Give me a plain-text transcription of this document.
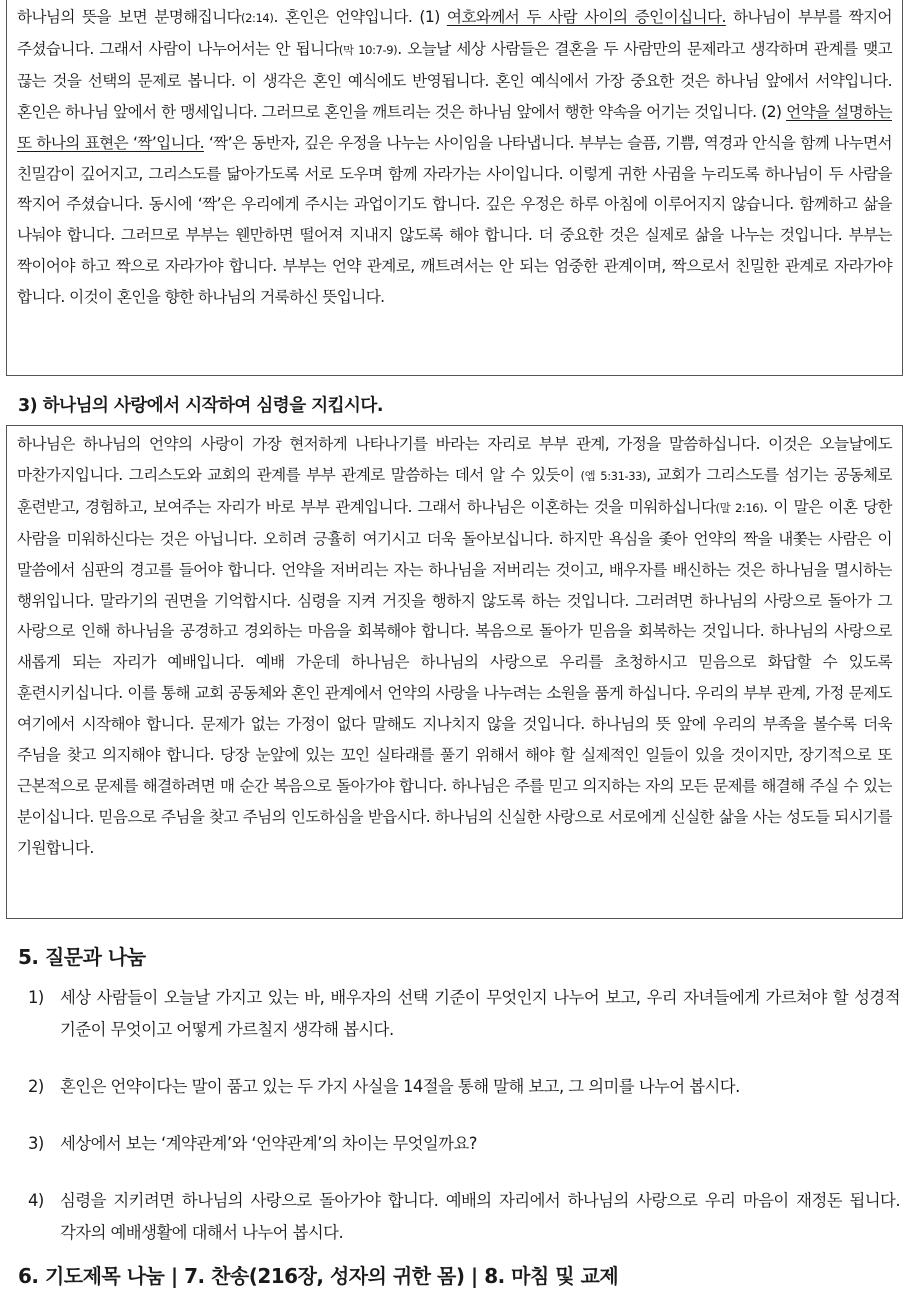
하나님의 뜻을 보면 분명해집니다(2:14). 혼인은 언약입니다. (1) 여호와께서 두 사람 사이의 증인이십니다. 하나님이 부부를 짝지어 주셨습니다. 그래서 사람이 나누어서는 안 됩니다(막 10:7-9). 오늘날 세상 사람들은 결혼을 두 사람만의 문제라고 생각하며 관계를 맺고 끊는 것을 선택의 문제로 봅니다. 이 생각은 혼인 예식에도 반영됩니다. 혼인 예식에서 가장 중요한 것은 하나님 앞에서 서약입니다. 혼인은 하나님 앞에서 한 맹세입니다. 그러므로 혼인을 깨트리는 것은 하나님 앞에서 행한 약속을 어기는 것입니다. (2) 언약을 설명하는 또 하나의 표현은 ‘짝’입니다. ‘짝’은 동반자, 깊은 우정을 나누는 사이임을 나타냅니다. 부부는 슬픔, 기쁨, 역경과 안식을 함께 나누면서 친밀감이 깊어지고, 그리스도를 닮아가도록 서로 도우며 함께 자라가는 사이입니다. 이렇게 귀한 사귐을 누리도록 하나님이 두 사람을 짝지어 주셨습니다. 동시에 ‘짝’은 우리에게 주시는 과업이기도 합니다. 깊은 우정은 하루 아침에 이루어지지 않습니다. 함께하고 삶을 나눠야 합니다. 그러므로 부부는 웬만하면 떨어져 지내지 않도록 해야 합니다. 더 중요한 것은 실제로 삶을 나누는 것입니다. 부부는 짝이어야 하고 짝으로 자라가야 합니다. 부부는 언약 관계로, 깨트려서는 안 되는 엄중한 관계이며, 짝으로서 친밀한 관계로 자라가야 합니다. 이것이 혼인을 향한 하나님의 거룩하신 뜻입니다.

3) 하나님의 사랑에서 시작하여 심령을 지킵시다.

하나님은 하나님의 언약의 사랑이 가장 현저하게 나타나기를 바라는 자리로 부부 관계, 가정을 말씀하십니다. 이것은 오늘날에도 마찬가지입니다. 그리스도와 교회의 관계를 부부 관계로 말씀하는 데서 알 수 있듯이 (엡 5:31-33), 교회가 그리스도를 섬기는 공동체로 훈련받고, 경험하고, 보여주는 자리가 바로 부부 관계입니다. 그래서 하나님은 이혼하는 것을 미워하십니다(말 2:16). 이 말은 이혼 당한 사람을 미워하신다는 것은 아닙니다. 오히려 긍휼히 여기시고 더욱 돌아보십니다. 하지만 욕심을 좇아 언약의 짝을 내쫓는 사람은 이 말씀에서 심판의 경고를 들어야 합니다. 언약을 저버리는 자는 하나님을 저버리는 것이고, 배우자를 배신하는 것은 하나님을 멸시하는 행위입니다. 말라기의 권면을 기억합시다. 심령을 지켜 거짓을 행하지 않도록 하는 것입니다. 그러려면 하나님의 사랑으로 돌아가 그 사랑으로 인해 하나님을 공경하고 경외하는 마음을 회복해야 합니다. 복음으로 돌아가 믿음을 회복하는 것입니다. 하나님의 사랑으로 새롭게 되는 자리가 예배입니다. 예배 가운데 하나님은 하나님의 사랑으로 우리를 초청하시고 믿음으로 화답할 수 있도록 훈련시키십니다. 이를 통해 교회 공동체와 혼인 관계에서 언약의 사랑을 나누려는 소원을 품게 하십니다. 우리의 부부 관계, 가정 문제도 여기에서 시작해야 합니다. 문제가 없는 가정이 없다 말해도 지나치지 않을 것입니다. 하나님의 뜻 앞에 우리의 부족을 볼수록 더욱 주님을 찾고 의지해야 합니다. 당장 눈앞에 있는 꼬인 실타래를 풀기 위해서 해야 할 실제적인 일들이 있을 것이지만, 장기적으로 또 근본적으로 문제를 해결하려면 매 순간 복음으로 돌아가야 합니다. 하나님은 주를 믿고 의지하는 자의 모든 문제를 해결해 주실 수 있는 분이십니다. 믿음으로 주님을 찾고 주님의 인도하심을 받읍시다. 하나님의 신실한 사랑으로 서로에게 신실한 삶을 사는 성도들 되시기를 기원합니다.

5. 질문과 나눔
1) 세상 사람들이 오늘날 가지고 있는 바, 배우자의 선택 기준이 무엇인지 나누어 보고, 우리 자녀들에게 가르쳐야 할 성경적 기준이 무엇이고 어떻게 가르칠지 생각해 봅시다.
2) 혼인은 언약이다는 말이 품고 있는 두 가지 사실을 14절을 통해 말해 보고, 그 의미를 나누어 봅시다.
3) 세상에서 보는 ‘계약관계’와 ‘언약관계’의 차이는 무엇일까요?
4) 심령을 지키려면 하나님의 사랑으로 돌아가야 합니다. 예배의 자리에서 하나님의 사랑으로 우리 마음이 재정돈 됩니다. 각자의 예배생활에 대해서 나누어 봅시다.
6. 기도제목 나눔 | 7. 찬송(216장, 성자의 귀한 몸) | 8. 마침 및 교제
